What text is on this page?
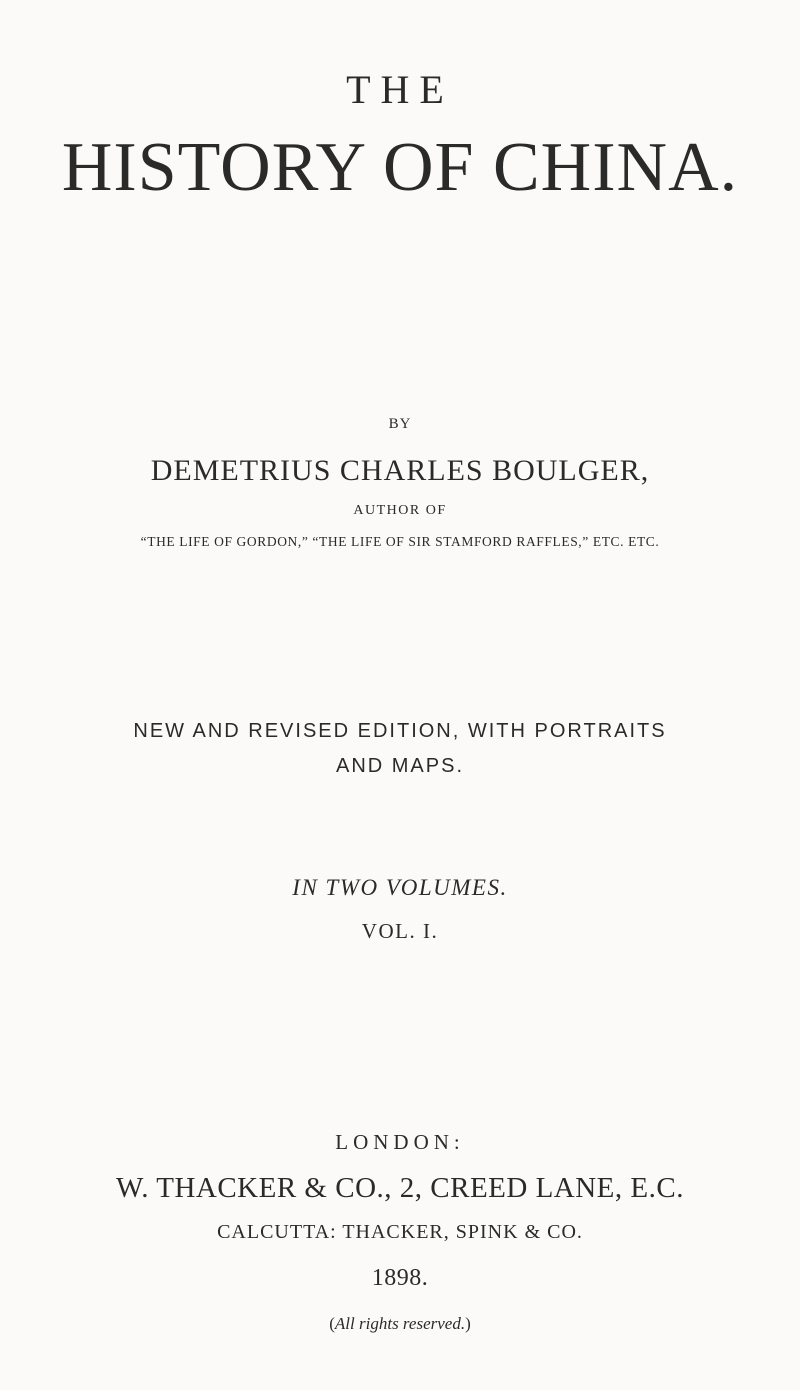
THE
HISTORY OF CHINA.
BY
DEMETRIUS CHARLES BOULGER,
AUTHOR OF
“THE LIFE OF GORDON,” “THE LIFE OF SIR STAMFORD RAFFLES,” ETC. ETC.
NEW AND REVISED EDITION, WITH PORTRAITS
AND MAPS.
IN TWO VOLUMES.
VOL. I.
LONDON:
W. THACKER & CO., 2, CREED LANE, E.C.
CALCUTTA: THACKER, SPINK & CO.
1898.
(All rights reserved.)
